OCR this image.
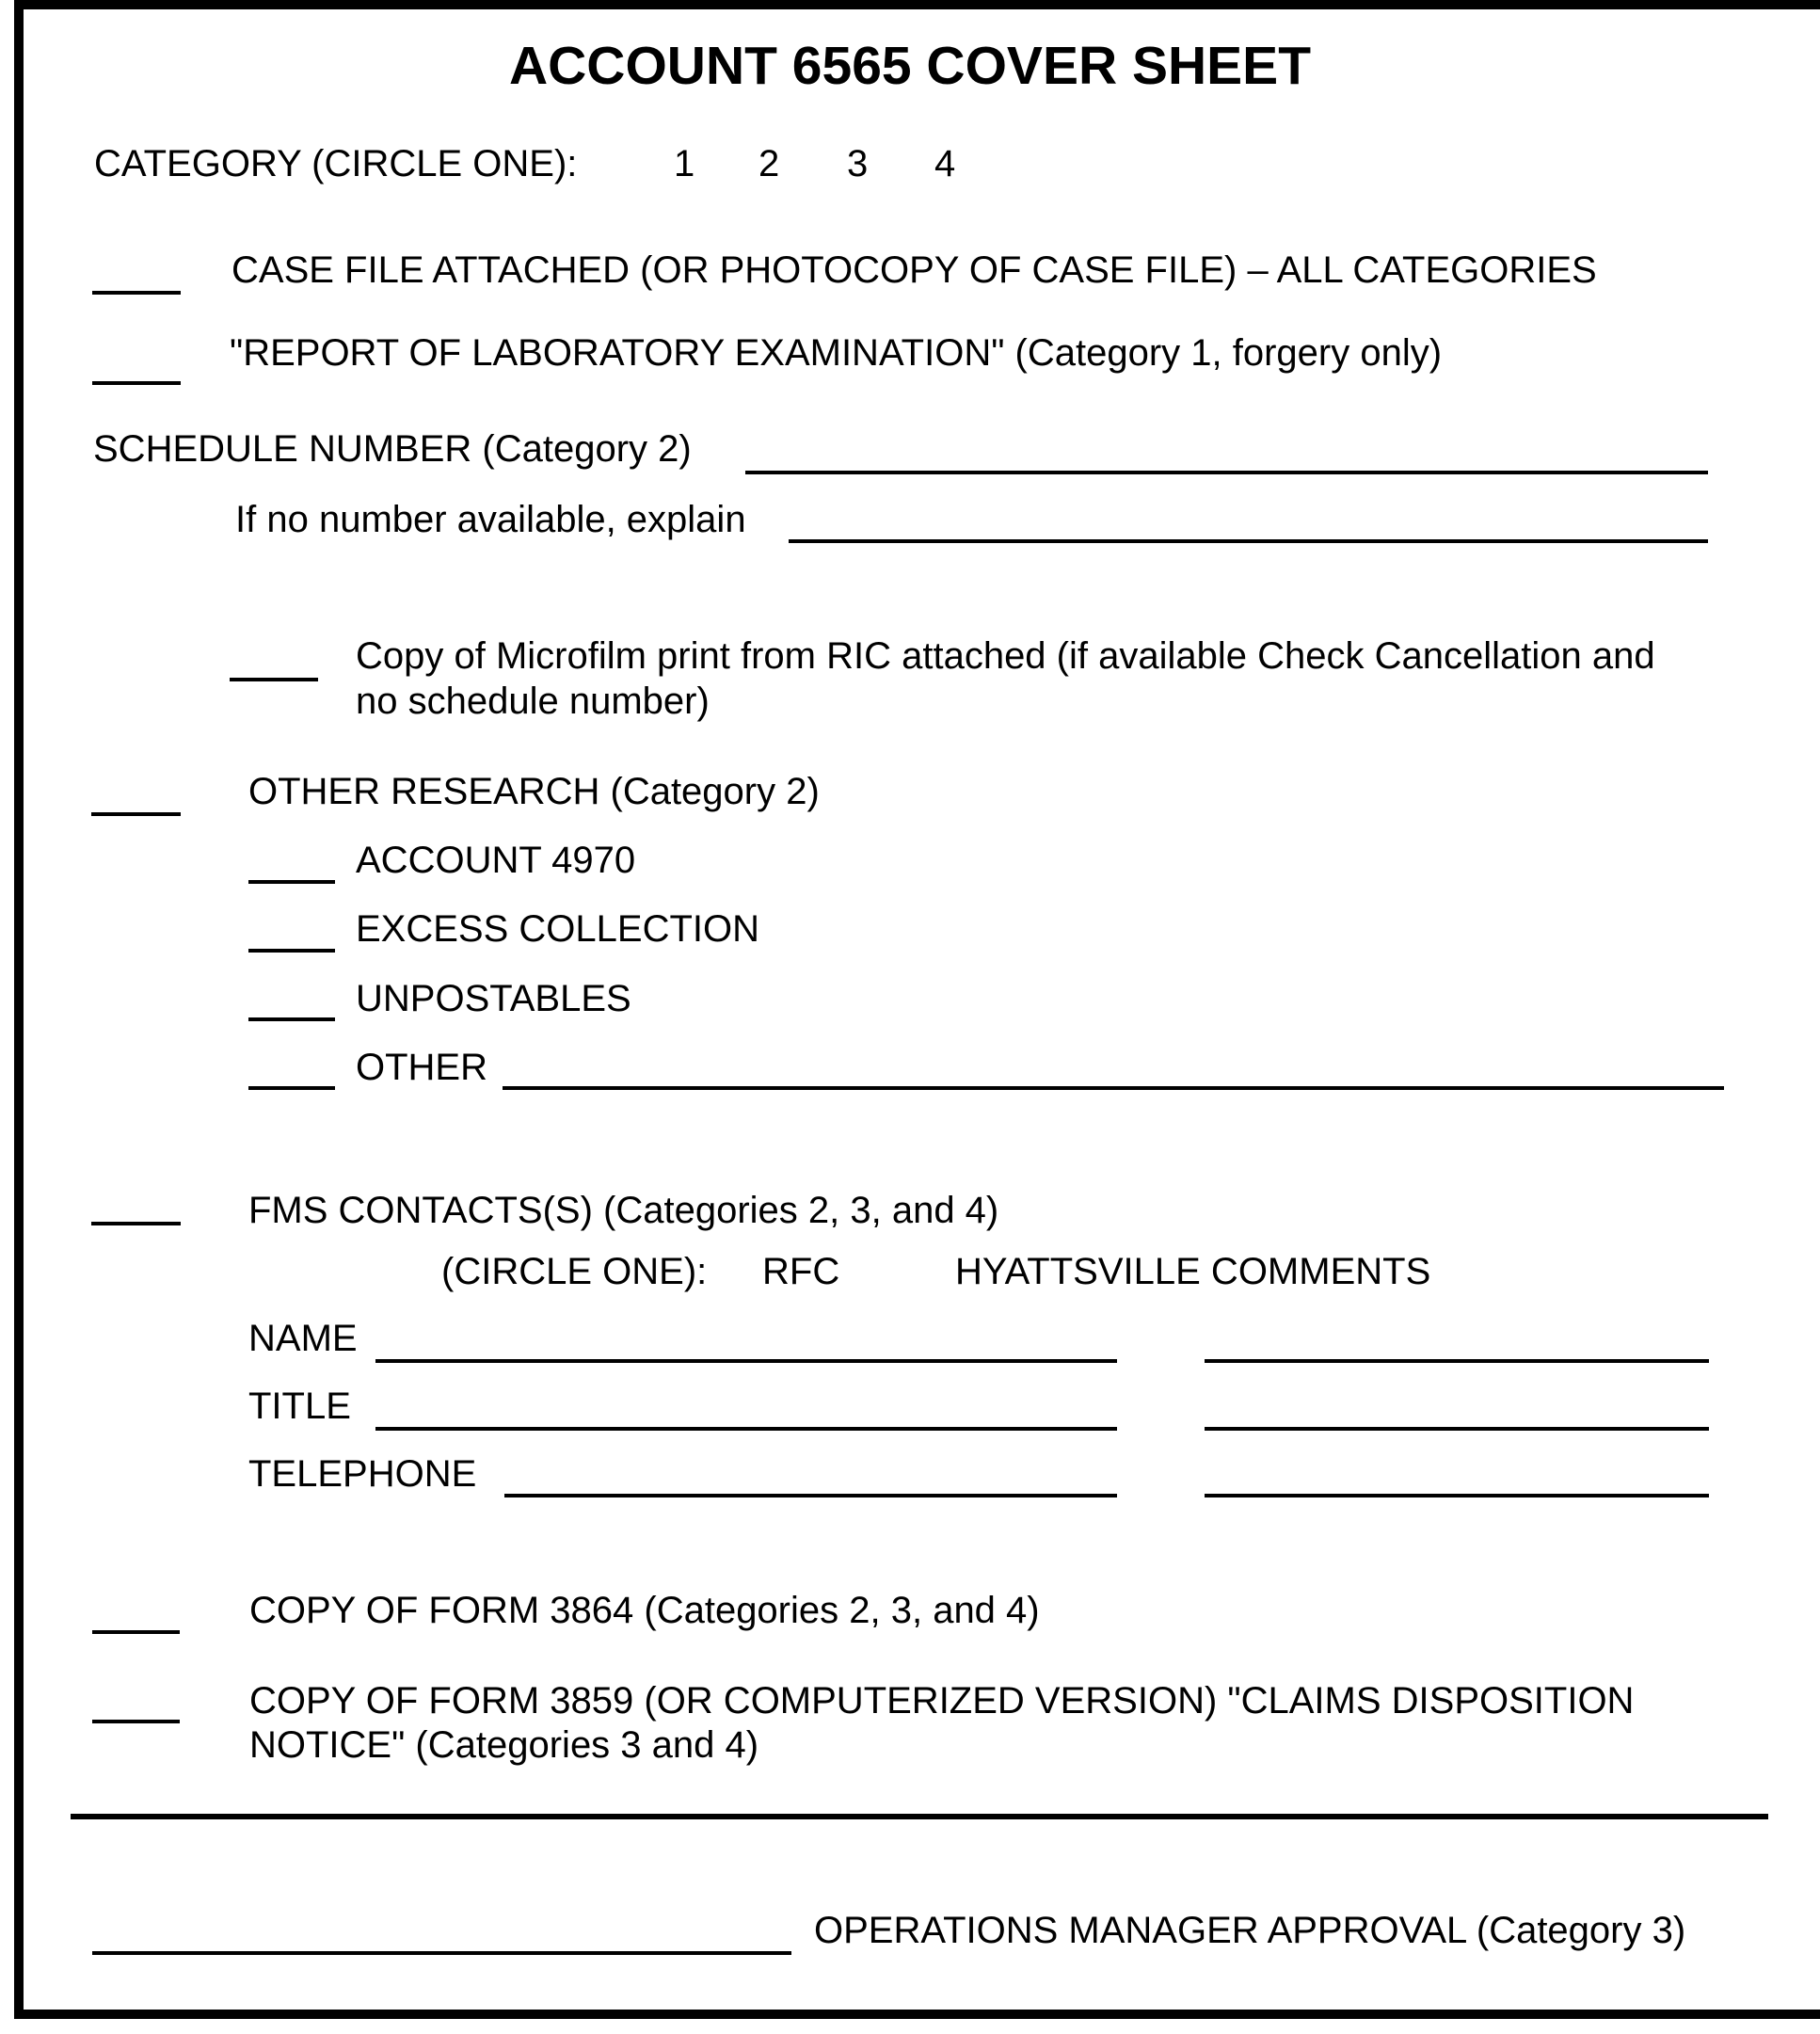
ACCOUNT 6565 COVER SHEET
CATEGORY (CIRCLE ONE):	1 2 3 4
CASE FILE ATTACHED (OR PHOTOCOPY OF CASE FILE) – ALL CATEGORIES
"REPORT OF LABORATORY EXAMINATION" (Category 1, forgery only)
SCHEDULE NUMBER (Category 2)
If no number available, explain
Copy of Microfilm print from RIC attached (if available Check Cancellation and
no schedule number)
OTHER RESEARCH (Category 2)
ACCOUNT 4970
EXCESS COLLECTION
UNPOSTABLES
OTHER
FMS CONTACTS(S) (Categories 2, 3, and 4)
(CIRCLE ONE): RFC	HYATTSVILLE COMMENTS
NAME
TITLE
TELEPHONE
COPY OF FORM 3864 (Categories 2, 3, and 4)
COPY OF FORM 3859 (OR COMPUTERIZED VERSION) "CLAIMS DISPOSITION
NOTICE" (Categories 3 and 4)
OPERATIONS MANAGER APPROVAL (Category 3)
